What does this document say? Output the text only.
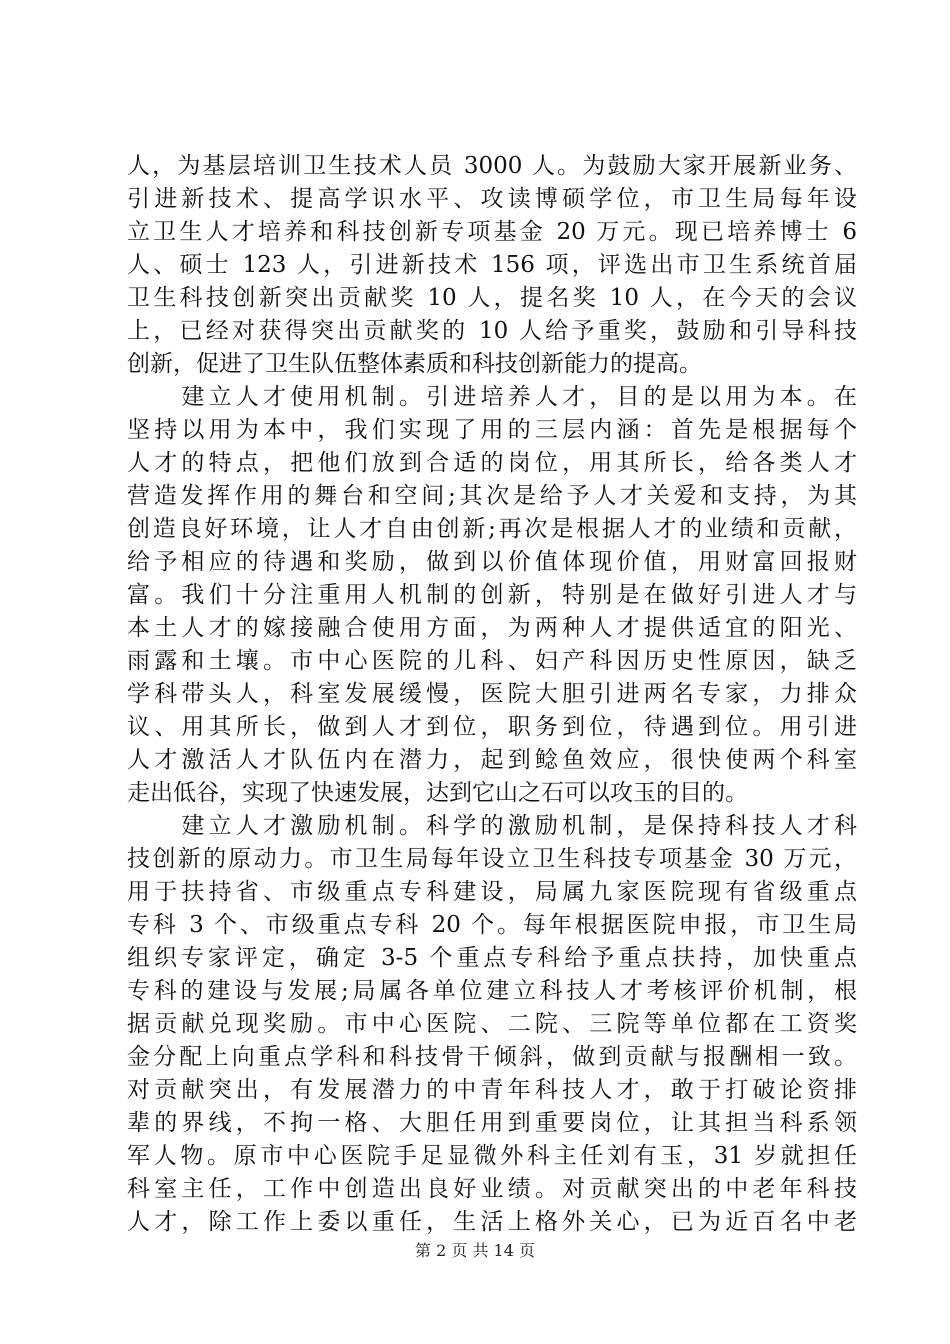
人，为基层培训卫生技术人员 3000 人。为鼓励大家开展新业务、
引进新技术、提高学识水平、攻读博硕学位，市卫生局每年设
立卫生人才培养和科技创新专项基金 20 万元。现已培养博士 6
人、硕士 123 人，引进新技术 156 项，评选出市卫生系统首届
卫生科技创新突出贡献奖 10 人，提名奖 10 人，在今天的会议
上，已经对获得突出贡献奖的 10 人给予重奖，鼓励和引导科技
创新，促进了卫生队伍整体素质和科技创新能力的提高。
　　建立人才使用机制。引进培养人才，目的是以用为本。在
坚持以用为本中，我们实现了用的三层内涵：首先是根据每个
人才的特点，把他们放到合适的岗位，用其所长，给各类人才
营造发挥作用的舞台和空间;其次是给予人才关爱和支持，为其
创造良好环境，让人才自由创新;再次是根据人才的业绩和贡献，
给予相应的待遇和奖励，做到以价值体现价值，用财富回报财
富。我们十分注重用人机制的创新，特别是在做好引进人才与
本土人才的嫁接融合使用方面，为两种人才提供适宜的阳光、
雨露和土壤。市中心医院的儿科、妇产科因历史性原因，缺乏
学科带头人，科室发展缓慢，医院大胆引进两名专家，力排众
议、用其所长，做到人才到位，职务到位，待遇到位。用引进
人才激活人才队伍内在潜力，起到鲶鱼效应，很快使两个科室
走出低谷，实现了快速发展，达到它山之石可以攻玉的目的。
　　建立人才激励机制。科学的激励机制，是保持科技人才科
技创新的原动力。市卫生局每年设立卫生科技专项基金 30 万元，
用于扶持省、市级重点专科建设，局属九家医院现有省级重点
专科 3 个、市级重点专科 20 个。每年根据医院申报，市卫生局
组织专家评定，确定 3-5 个重点专科给予重点扶持，加快重点
专科的建设与发展;局属各单位建立科技人才考核评价机制，根
据贡献兑现奖励。市中心医院、二院、三院等单位都在工资奖
金分配上向重点学科和科技骨干倾斜，做到贡献与报酬相一致。
对贡献突出，有发展潜力的中青年科技人才，敢于打破论资排
辈的界线，不拘一格、大胆任用到重要岗位，让其担当科系领
军人物。原市中心医院手足显微外科主任刘有玉，31 岁就担任
科室主任，工作中创造出良好业绩。对贡献突出的中老年科技
人才，除工作上委以重任，生活上格外关心，已为近百名中老
第 2 页 共 14 页
